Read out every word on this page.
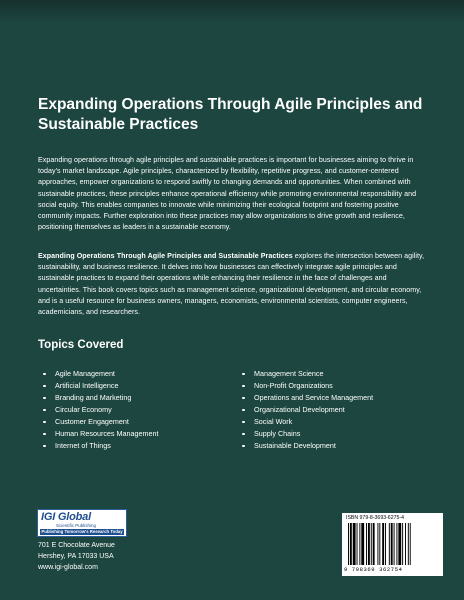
Expanding Operations Through Agile Principles and Sustainable Practices

Expanding operations through agile principles and sustainable practices is important for businesses aiming to thrive in today's market landscape. Agile principles, characterized by flexibility, repetitive progress, and customer-centered approaches, empower organizations to respond swiftly to changing demands and opportunities. When combined with sustainable practices, these principles enhance operational efficiency while promoting environmental responsibility and social equity. This enables companies to innovate while minimizing their ecological footprint and fostering positive community impacts. Further exploration into these practices may allow organizations to drive growth and resilience, positioning themselves as leaders in a sustainable economy.

Expanding Operations Through Agile Principles and Sustainable Practices explores the intersection between agility, sustainability, and business resilience. It delves into how businesses can effectively integrate agile principles and sustainable practices to expand their operations while enhancing their resilience in the face of challenges and uncertainties. This book covers topics such as management science, organizational development, and circular economy, and is a useful resource for business owners, managers, economists, environmental scientists, computer engineers, academicians, and researchers.

Topics Covered
Agile Management
Artificial Intelligence
Branding and Marketing
Circular Economy
Customer Engagement
Human Resources Management
Internet of Things
Management Science
Non-Profit Organizations
Operations and Service Management
Organizational Development
Social Work
Supply Chains
Sustainable Development
IGI Global
Scientific Publishing
Publishing Tomorrow's Research Today

701 E Chocolate Avenue
Hershey, PA 17033 USA
www.igi-global.com

ISBN 979-8-3693-6275-4
9 798369 362754
